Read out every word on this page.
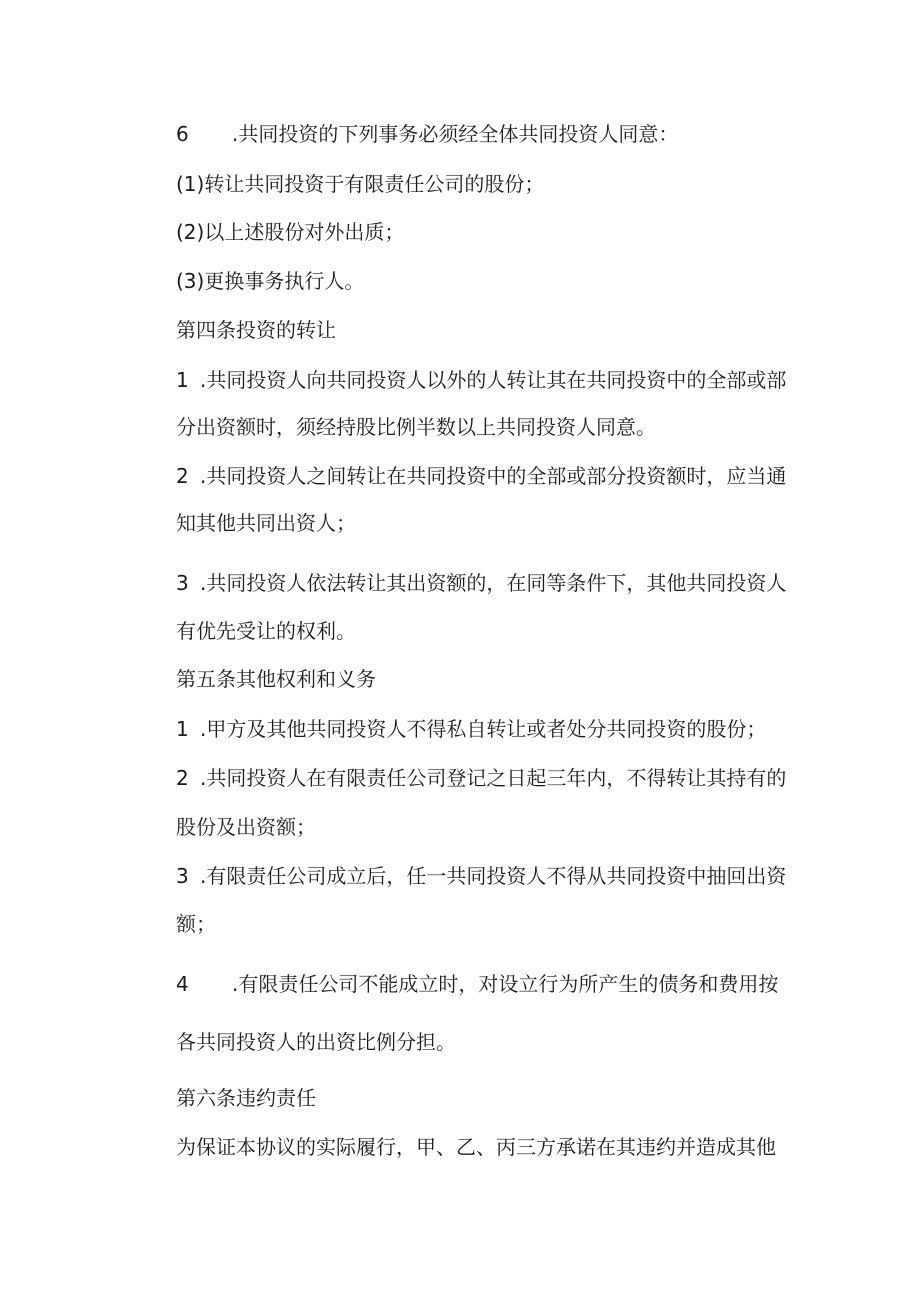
6 .共同投资的下列事务必须经全体共同投资人同意：
(1)转让共同投资于有限责任公司的股份；
(2)以上述股份对外出质；
(3)更换事务执行人。
第四条投资的转让
1 .共同投资人向共同投资人以外的人转让其在共同投资中的全部或部
分出资额时，须经持股比例半数以上共同投资人同意。
2 .共同投资人之间转让在共同投资中的全部或部分投资额时，应当通
知其他共同出资人；
3 .共同投资人依法转让其出资额的，在同等条件下，其他共同投资人
有优先受让的权利。
第五条其他权利和义务
1 .甲方及其他共同投资人不得私自转让或者处分共同投资的股份；
2 .共同投资人在有限责任公司登记之日起三年内，不得转让其持有的
股份及出资额；
3 .有限责任公司成立后，任一共同投资人不得从共同投资中抽回出资
额；
4 .有限责任公司不能成立时，对设立行为所产生的债务和费用按
各共同投资人的出资比例分担。
第六条违约责任
为保证本协议的实际履行，甲、乙、丙三方承诺在其违约并造成其他
